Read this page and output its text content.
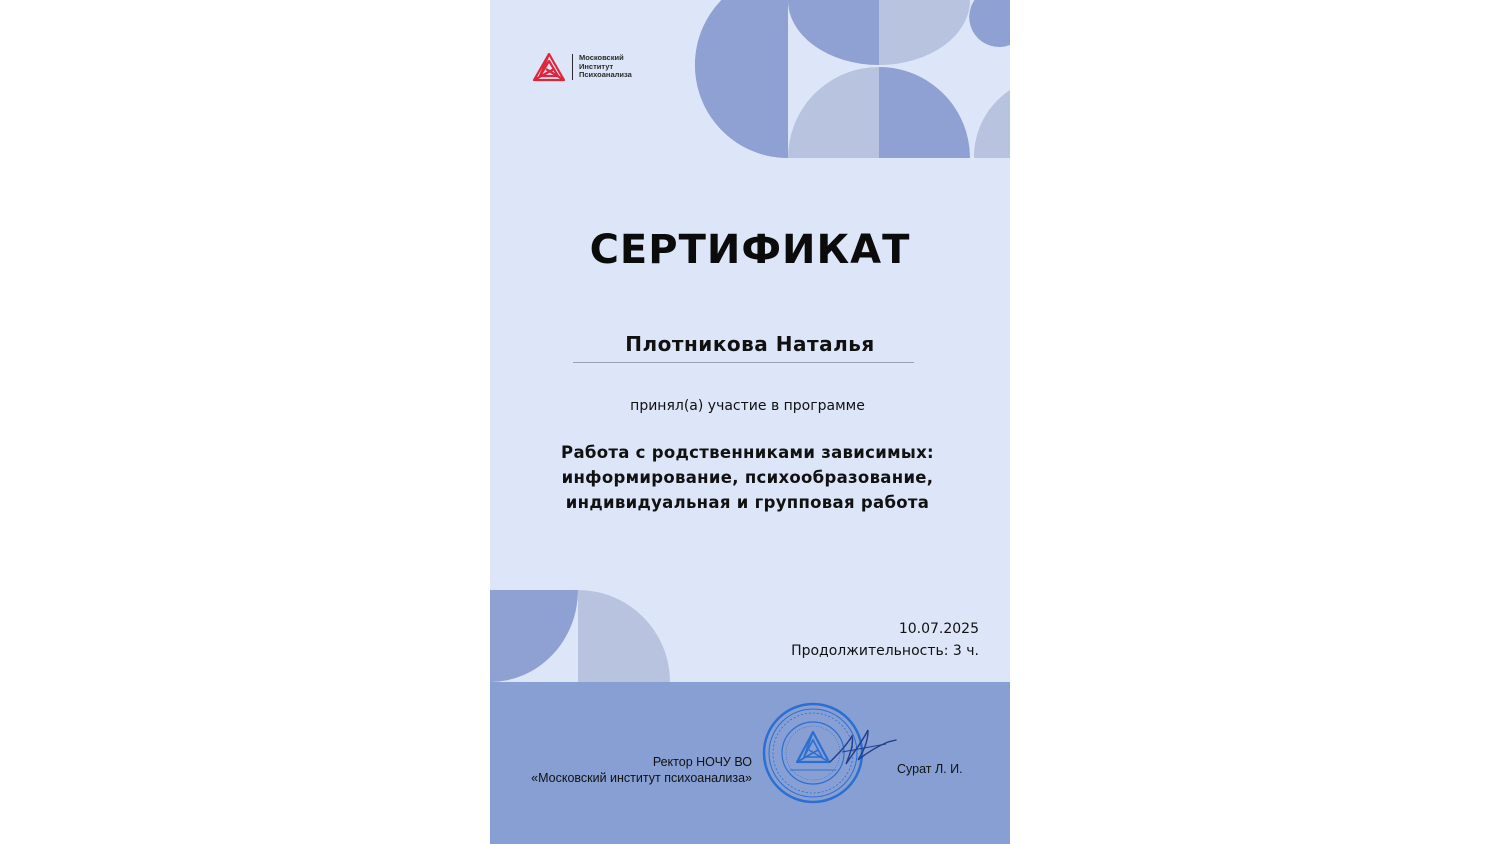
Московский
Институт
Психоанализа
СЕРТИФИКАТ
Плотникова Наталья
принял(а) участие в программе
Работа с родственниками зависимых:
информирование, психообразование,
индивидуальная и групповая работа
10.07.2025
Продолжительность: 3 ч.
Ректор НОЧУ ВО
«Московский институт психоанализа»
Сурат Л. И.
